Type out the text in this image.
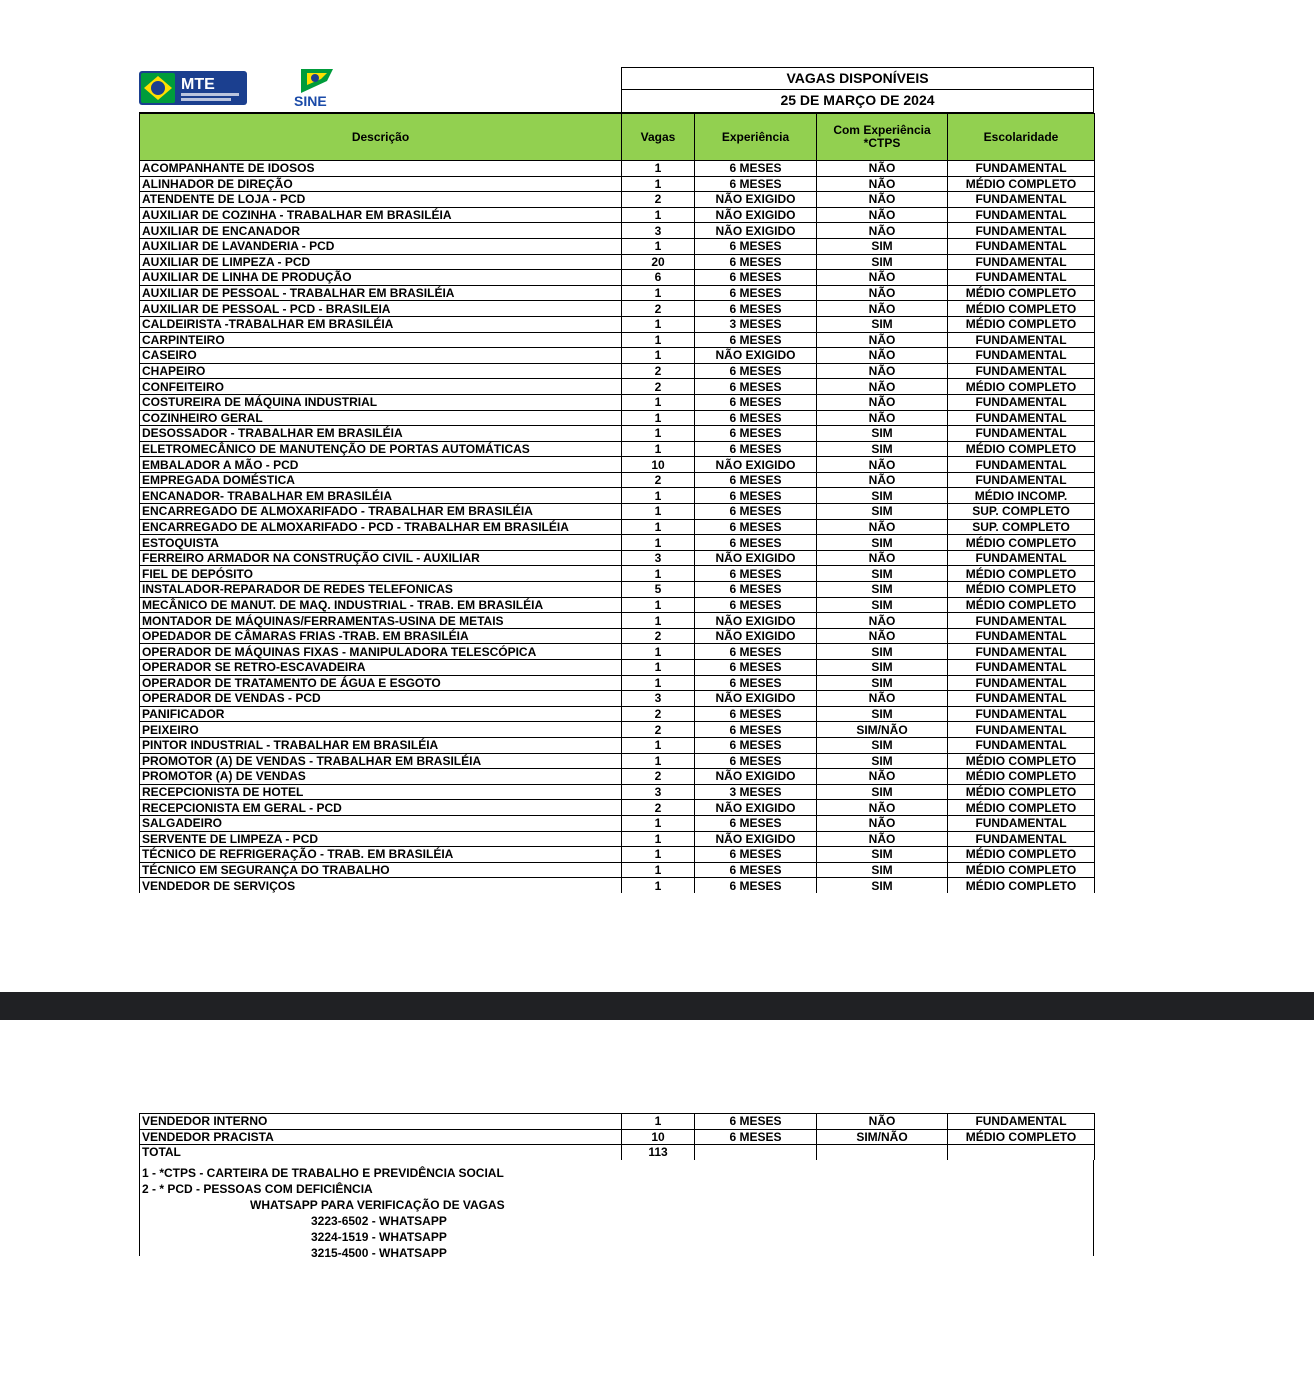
MTE
SINE
VAGAS DISPONÍVEIS
25 DE MARÇO DE 2024
Descrição	Vagas	Experiência	Com Experiência *CTPS	Escolaridade
ACOMPANHANTE DE IDOSOS	1	6 MESES	NÃO	FUNDAMENTAL
ALINHADOR DE DIREÇÃO	1	6 MESES	NÃO	MÉDIO COMPLETO
ATENDENTE DE LOJA - PCD	2	NÃO EXIGIDO	NÃO	FUNDAMENTAL
AUXILIAR DE COZINHA - TRABALHAR EM BRASILÉIA	1	NÃO EXIGIDO	NÃO	FUNDAMENTAL
AUXILIAR DE ENCANADOR	3	NÃO EXIGIDO	NÃO	FUNDAMENTAL
AUXILIAR DE LAVANDERIA - PCD	1	6 MESES	SIM	FUNDAMENTAL
AUXILIAR DE LIMPEZA - PCD	20	6 MESES	SIM	FUNDAMENTAL
AUXILIAR DE LINHA DE PRODUÇÃO	6	6 MESES	NÃO	FUNDAMENTAL
AUXILIAR DE PESSOAL - TRABALHAR EM BRASILÉIA	1	6 MESES	NÃO	MÉDIO COMPLETO
AUXILIAR DE PESSOAL - PCD - BRASILEIA	2	6 MESES	NÃO	MÉDIO COMPLETO
CALDEIRISTA -TRABALHAR EM BRASILÉIA	1	3 MESES	SIM	MÉDIO COMPLETO
CARPINTEIRO	1	6 MESES	NÃO	FUNDAMENTAL
CASEIRO	1	NÃO EXIGIDO	NÃO	FUNDAMENTAL
CHAPEIRO	2	6 MESES	NÃO	FUNDAMENTAL
CONFEITEIRO	2	6 MESES	NÃO	MÉDIO COMPLETO
COSTUREIRA DE MÁQUINA INDUSTRIAL	1	6 MESES	NÃO	FUNDAMENTAL
COZINHEIRO GERAL	1	6 MESES	NÃO	FUNDAMENTAL
DESOSSADOR - TRABALHAR EM BRASILÉIA	1	6 MESES	SIM	FUNDAMENTAL
ELETROMECÂNICO DE MANUTENÇÃO DE PORTAS AUTOMÁTICAS	1	6 MESES	SIM	MÉDIO COMPLETO
EMBALADOR A MÃO - PCD	10	NÃO EXIGIDO	NÃO	FUNDAMENTAL
EMPREGADA DOMÉSTICA	2	6 MESES	NÃO	FUNDAMENTAL
ENCANADOR- TRABALHAR EM BRASILÉIA	1	6 MESES	SIM	MÉDIO INCOMP.
ENCARREGADO DE ALMOXARIFADO - TRABALHAR EM BRASILÉIA	1	6 MESES	SIM	SUP. COMPLETO
ENCARREGADO DE ALMOXARIFADO - PCD - TRABALHAR EM BRASILÉIA	1	6 MESES	NÃO	SUP. COMPLETO
ESTOQUISTA	1	6 MESES	SIM	MÉDIO COMPLETO
FERREIRO ARMADOR NA CONSTRUÇÃO CIVIL - AUXILIAR	3	NÃO EXIGIDO	NÃO	FUNDAMENTAL
FIEL DE DEPÓSITO	1	6 MESES	SIM	MÉDIO COMPLETO
INSTALADOR-REPARADOR DE REDES TELEFONICAS	5	6 MESES	SIM	MÉDIO COMPLETO
MECÂNICO DE MANUT. DE MAQ. INDUSTRIAL - TRAB. EM BRASILÉIA	1	6 MESES	SIM	MÉDIO COMPLETO
MONTADOR DE MÁQUINAS/FERRAMENTAS-USINA DE METAIS	1	NÃO EXIGIDO	NÃO	FUNDAMENTAL
OPEDADOR DE CÂMARAS FRIAS -TRAB. EM BRASILÉIA	2	NÃO EXIGIDO	NÃO	FUNDAMENTAL
OPERADOR DE MÁQUINAS FIXAS - MANIPULADORA TELESCÓPICA	1	6 MESES	SIM	FUNDAMENTAL
OPERADOR SE RETRO-ESCAVADEIRA	1	6 MESES	SIM	FUNDAMENTAL
OPERADOR DE TRATAMENTO DE ÁGUA E ESGOTO	1	6 MESES	SIM	FUNDAMENTAL
OPERADOR DE VENDAS - PCD	3	NÃO EXIGIDO	NÃO	FUNDAMENTAL
PANIFICADOR	2	6 MESES	SIM	FUNDAMENTAL
PEIXEIRO	2	6 MESES	SIM/NÃO	FUNDAMENTAL
PINTOR INDUSTRIAL - TRABALHAR EM BRASILÉIA	1	6 MESES	SIM	FUNDAMENTAL
PROMOTOR (A) DE VENDAS - TRABALHAR EM BRASILÉIA	1	6 MESES	SIM	MÉDIO COMPLETO
PROMOTOR (A) DE VENDAS	2	NÃO EXIGIDO	NÃO	MÉDIO COMPLETO
RECEPCIONISTA DE HOTEL	3	3 MESES	SIM	MÉDIO COMPLETO
RECEPCIONISTA EM GERAL - PCD	2	NÃO EXIGIDO	NÃO	MÉDIO COMPLETO
SALGADEIRO	1	6 MESES	NÃO	FUNDAMENTAL
SERVENTE DE LIMPEZA - PCD	1	NÃO EXIGIDO	NÃO	FUNDAMENTAL
TÉCNICO DE REFRIGERAÇÃO - TRAB. EM BRASILÉIA	1	6 MESES	SIM	MÉDIO COMPLETO
TÉCNICO EM SEGURANÇA DO TRABALHO	1	6 MESES	SIM	MÉDIO COMPLETO
VENDEDOR DE SERVIÇOS	1	6 MESES	SIM	MÉDIO COMPLETO
VENDEDOR INTERNO	1	6 MESES	NÃO	FUNDAMENTAL
VENDEDOR PRACISTA	10	6 MESES	SIM/NÃO	MÉDIO COMPLETO
TOTAL	113			
1 - *CTPS - CARTEIRA DE TRABALHO E PREVIDÊNCIA SOCIAL
2 - * PCD - PESSOAS COM DEFICIÊNCIA
WHATSAPP PARA VERIFICAÇÃO DE VAGAS
3223-6502 - WHATSAPP
3224-1519 - WHATSAPP
3215-4500 - WHATSAPP
